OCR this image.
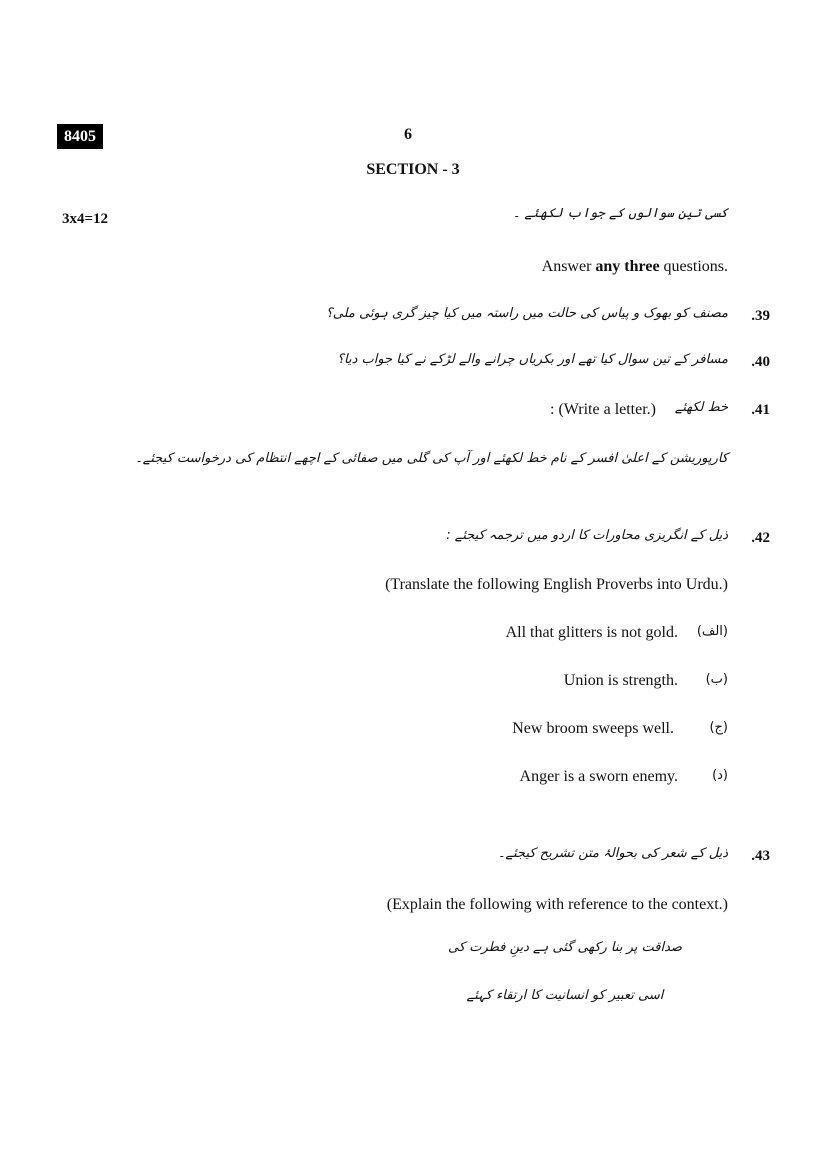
8405	6
SECTION - 3
3x4=12	کسی تین سوالوں کے جواب لکھئے ۔
Answer any three questions.
.39
مصنف کو بھوک و پیاس کی حالت میں راستہ میں کیا چیز گری ہوئی ملی؟
.40
مسافر کے تین سوال کیا تھے اور بکریاں چرانے والے لڑکے نے کیا جواب دیا؟
.41
خط لکھئے
: (Write a letter.)
کارپوریشن کے اعلیٰ افسر کے نام خط لکھئے اور آپ کی گلی میں صفائی کے اچھے انتظام کی درخواست کیجئے۔
.42
ذیل کے انگریزی محاورات کا اردو میں ترجمہ کیجئے :
(Translate the following English Proverbs into Urdu.)
All that glitters is not gold. (الف)
Union is strength. (ب)
New broom sweeps well.	(ج)
Anger is a sworn enemy.	(د)
.43
ذیل کے شعر کی بحوالۂ متن تشریح کیجئے۔
(Explain the following with reference to the context.)
صداقت پر بنا رکھی گئی ہے دینِ فطرت کی
اسی تعبیر کو انسانیت کا ارتقاء کہئے
